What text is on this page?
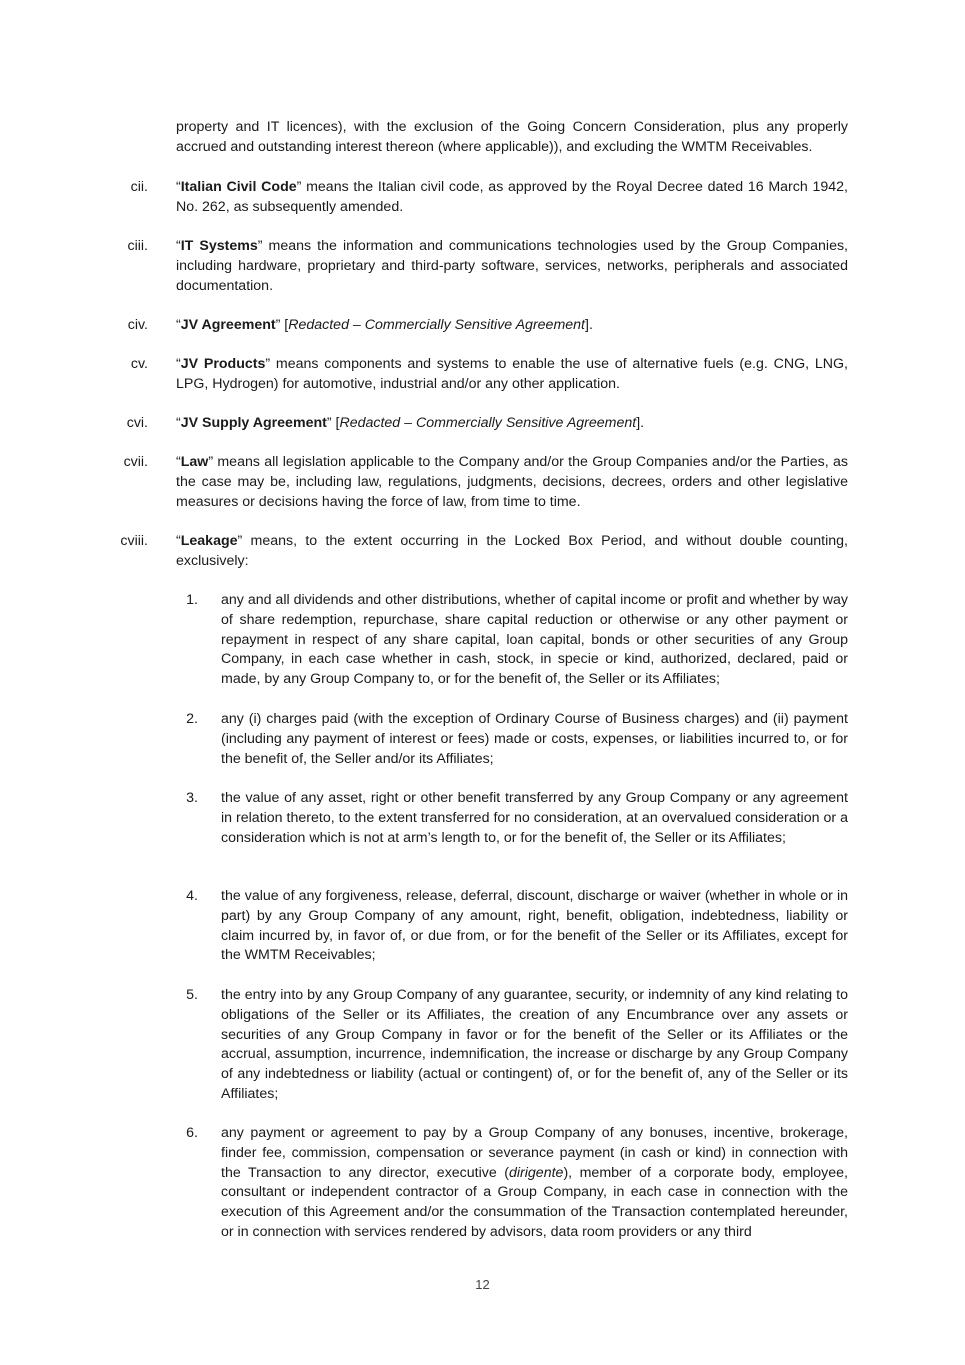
property and IT licences), with the exclusion of the Going Concern Consideration, plus any properly accrued and outstanding interest thereon (where applicable)), and excluding the WMTM Receivables.
cii. “Italian Civil Code” means the Italian civil code, as approved by the Royal Decree dated 16 March 1942, No. 262, as subsequently amended.
ciii. “IT Systems” means the information and communications technologies used by the Group Companies, including hardware, proprietary and third-party software, services, networks, peripherals and associated documentation.
civ. “JV Agreement” [Redacted – Commercially Sensitive Agreement].
cv. “JV Products” means components and systems to enable the use of alternative fuels (e.g. CNG, LNG, LPG, Hydrogen) for automotive, industrial and/or any other application.
cvi. “JV Supply Agreement” [Redacted – Commercially Sensitive Agreement].
cvii. “Law” means all legislation applicable to the Company and/or the Group Companies and/or the Parties, as the case may be, including law, regulations, judgments, decisions, decrees, orders and other legislative measures or decisions having the force of law, from time to time.
cviii. “Leakage” means, to the extent occurring in the Locked Box Period, and without double counting, exclusively:
1. any and all dividends and other distributions, whether of capital income or profit and whether by way of share redemption, repurchase, share capital reduction or otherwise or any other payment or repayment in respect of any share capital, loan capital, bonds or other securities of any Group Company, in each case whether in cash, stock, in specie or kind, authorized, declared, paid or made, by any Group Company to, or for the benefit of, the Seller or its Affiliates;
2. any (i) charges paid (with the exception of Ordinary Course of Business charges) and (ii) payment (including any payment of interest or fees) made or costs, expenses, or liabilities incurred to, or for the benefit of, the Seller and/or its Affiliates;
3. the value of any asset, right or other benefit transferred by any Group Company or any agreement in relation thereto, to the extent transferred for no consideration, at an overvalued consideration or a consideration which is not at arm’s length to, or for the benefit of, the Seller or its Affiliates;
4. the value of any forgiveness, release, deferral, discount, discharge or waiver (whether in whole or in part) by any Group Company of any amount, right, benefit, obligation, indebtedness, liability or claim incurred by, in favor of, or due from, or for the benefit of the Seller or its Affiliates, except for the WMTM Receivables;
5. the entry into by any Group Company of any guarantee, security, or indemnity of any kind relating to obligations of the Seller or its Affiliates, the creation of any Encumbrance over any assets or securities of any Group Company in favor or for the benefit of the Seller or its Affiliates or the accrual, assumption, incurrence, indemnification, the increase or discharge by any Group Company of any indebtedness or liability (actual or contingent) of, or for the benefit of, any of the Seller or its Affiliates;
6. any payment or agreement to pay by a Group Company of any bonuses, incentive, brokerage, finder fee, commission, compensation or severance payment (in cash or kind) in connection with the Transaction to any director, executive (dirigente), member of a corporate body, employee, consultant or independent contractor of a Group Company, in each case in connection with the execution of this Agreement and/or the consummation of the Transaction contemplated hereunder, or in connection with services rendered by advisors, data room providers or any third
12
